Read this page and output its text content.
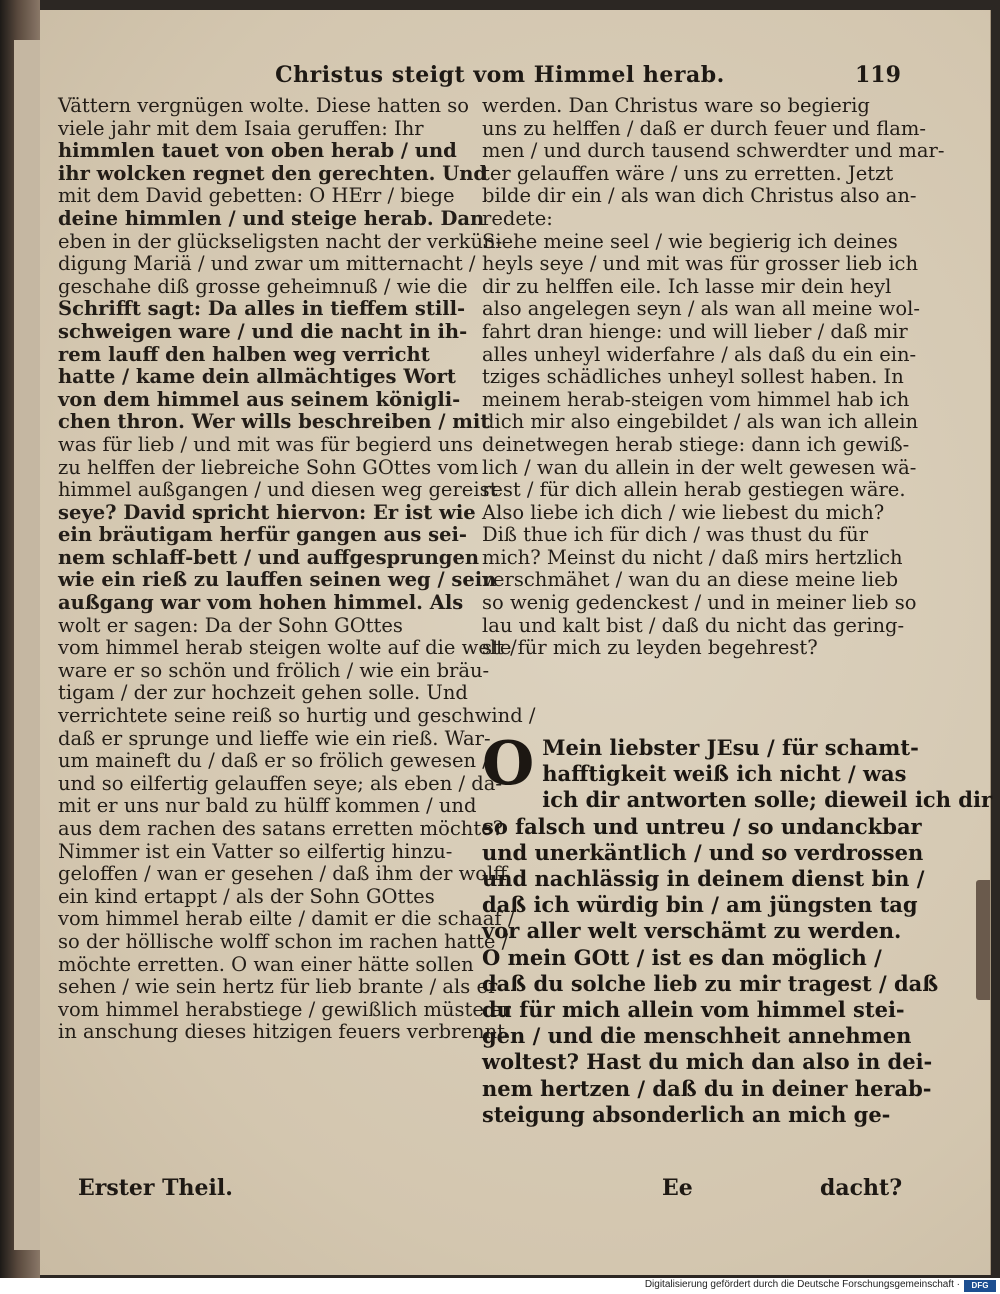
Christus steigt vom Himmel herab.	119
Vättern vergnügen wolte. Diese hatten so
viele jahr mit dem Isaia geruffen: Ihr
himmlen tauet von oben herab / und
ihr wolcken regnet den gerechten. Und
mit dem David gebetten: O HErr / biege
deine himmlen / und steige herab. Dan
eben in der glückseligsten nacht der verkün-
digung Mariä / und zwar um mitternacht /
geschahe diß grosse geheimnuß / wie die
Schrifft sagt: Da alles in tieffem still-
schweigen ware / und die nacht in ih-
rem lauff den halben weg verricht
hatte / kame dein allmächtiges Wort
von dem himmel aus seinem königli-
chen thron. Wer wills beschreiben / mit
was für lieb / und mit was für begierd uns
zu helffen der liebreiche Sohn GOttes vom
himmel außgangen / und diesen weg gereist
seye? David spricht hiervon: Er ist wie
ein bräutigam herfür gangen aus sei-
nem schlaff-bett / und auffgesprungen
wie ein rieß zu lauffen seinen weg / sein
außgang war vom hohen himmel. Als
wolt er sagen: Da der Sohn GOttes
vom himmel herab steigen wolte auf die welt /
ware er so schön und frölich / wie ein bräu-
tigam / der zur hochzeit gehen solle. Und
verrichtete seine reiß so hurtig und geschwind /
daß er sprunge und lieffe wie ein rieß. War-
um maineft du / daß er so frölich gewesen /
und so eilfertig gelauffen seye; als eben / da-
mit er uns nur bald zu hülff kommen / und
aus dem rachen des satans erretten möchte?
Nimmer ist ein Vatter so eilfertig hinzu-
geloffen / wan er gesehen / daß ihm der wolff
ein kind ertappt / als der Sohn GOttes
vom himmel herab eilte / damit er die schaaf /
so der höllische wolff schon im rachen hatte /
möchte erretten. O wan einer hätte sollen
sehen / wie sein hertz für lieb brante / als er
vom himmel herabstiege / gewißlich müste er
in anschung dieses hitzigen feuers verbrennt
werden. Dan Christus ware so begierig
uns zu helffen / daß er durch feuer und flam-
men / und durch tausend schwerdter und mar-
ter gelauffen wäre / uns zu erretten. Jetzt
bilde dir ein / als wan dich Christus also an-
redete:
Siehe meine seel / wie begierig ich deines
heyls seye / und mit was für grosser lieb ich
dir zu helffen eile. Ich lasse mir dein heyl
also angelegen seyn / als wan all meine wol-
fahrt dran hienge: und will lieber / daß mir
alles unheyl widerfahre / als daß du ein ein-
tziges schädliches unheyl sollest haben. In
meinem herab-steigen vom himmel hab ich
dich mir also eingebildet / als wan ich allein
deinetwegen herab stiege: dann ich gewiß-
lich / wan du allein in der welt gewesen wä-
rest / für dich allein herab gestiegen wäre.
Also liebe ich dich / wie liebest du mich?
Diß thue ich für dich / was thust du für
mich? Meinst du nicht / daß mirs hertzlich
verschmähet / wan du an diese meine lieb
so wenig gedenckest / und in meiner lieb so
lau und kalt bist / daß du nicht das gering-
ste für mich zu leyden begehrest?
O Mein liebster JEsu / für schamt-
hafftigkeit weiß ich nicht / was
ich dir antworten solle; dieweil ich dir
so falsch und untreu / so undanckbar
und unerkäntlich / und so verdrossen
und nachlässig in deinem dienst bin /
daß ich würdig bin / am jüngsten tag
vor aller welt verschämt zu werden.
O mein GOtt / ist es dan möglich /
daß du solche lieb zu mir tragest / daß
du für mich allein vom himmel stei-
gen / und die menschheit annehmen
woltest? Hast du mich dan also in dei-
nem hertzen / daß du in deiner herab-
steigung absonderlich an mich ge-
Erster Theil.	Ee	dacht?
Digitalisierung gefördert durch die Deutsche Forschungsgemeinschaft ·	DFG
